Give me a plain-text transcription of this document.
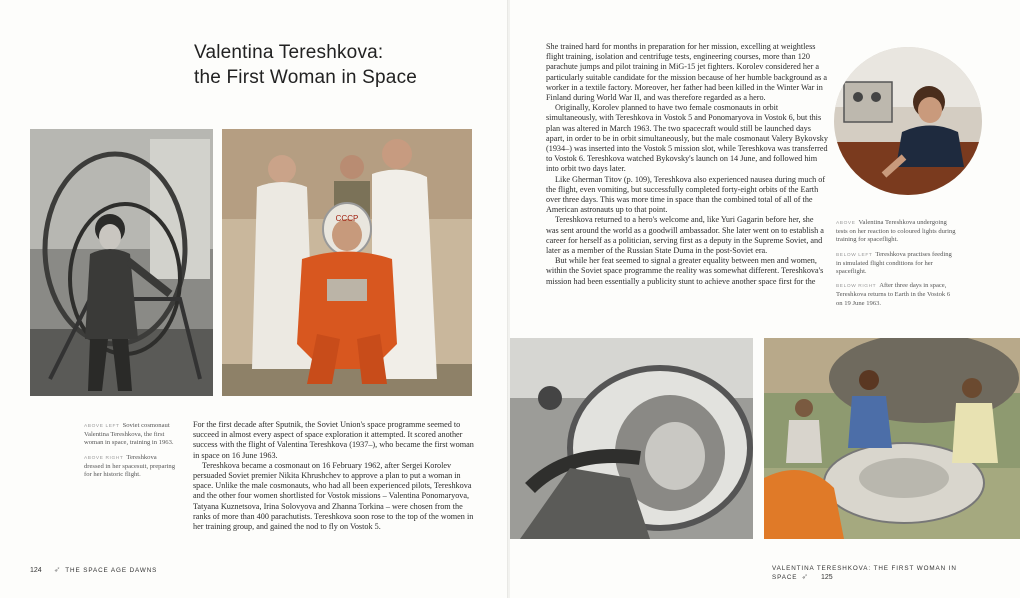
Valentina Tereshkova:
the First Woman in Space
СССР
ABOVE LEFT Soviet cosmonaut Valentina Tereshkova, the first woman in space, training in 1963.
ABOVE RIGHT Tereshkova dressed in her spacesuit, preparing for her historic flight.

For the first decade after Sputnik, the Soviet Union's space programme seemed to succeed in almost every aspect of space exploration it attempted. It scored another success with the flight of Valentina Tereshkova (1937–), who became the first woman in space on 16 June 1963.

Tereshkova became a cosmonaut on 16 February 1962, after Sergei Korolev persuaded Soviet premier Nikita Khrushchev to approve a plan to put a woman in space. Unlike the male cosmonauts, who had all been experienced pilots, Tereshkova and the other four women shortlisted for Vostok missions – Valentina Ponomaryova, Tatyana Kuznetsova, Irina Solovyova and Zhanna Torkina – were chosen from the ranks of more than 400 parachutists. Tereshkova soon rose to the top of the women in her training group, and gained the nod to fly on Vostok 5.

124 ➶ THE SPACE AGE DAWNS

She trained hard for months in preparation for her mission, excelling at weightless flight training, isolation and centrifuge tests, engineering courses, more than 120 parachute jumps and pilot training in MiG-15 jet fighters. Korolev considered her a particularly suitable candidate for the mission because of her humble background as a worker in a textile factory. Moreover, her father had been killed in the Winter War in Finland during World War II, and was therefore regarded as a hero.

Originally, Korolev planned to have two female cosmonauts in orbit simultaneously, with Tereshkova in Vostok 5 and Ponomaryova in Vostok 6, but this plan was altered in March 1963. The two spacecraft would still be launched days apart, in order to be in orbit simultaneously, but the male cosmonaut Valery Bykovsky (1934–) was inserted into the Vostok 5 mission slot, while Tereshkova was transferred to Vostok 6. Tereshkova watched Bykovsky's launch on 14 June, and followed him into orbit two days later.

Like Gherman Titov (p. 109), Tereshkova also experienced nausea during much of the flight, even vomiting, but successfully completed forty-eight orbits of the Earth over three days. This was more time in space than the combined total of all of the American astronauts up to that point.

Tereshkova returned to a hero's welcome and, like Yuri Gagarin before her, she was sent around the world as a goodwill ambassador. She later went on to establish a career for herself as a politician, serving first as a deputy in the Supreme Soviet, and later as a member of the Russian State Duma in the post-Soviet era.

But while her feat seemed to signal a greater equality between men and women, within the Soviet space programme the reality was somewhat different. Tereshkova's mission had been essentially a publicity stunt to achieve another space first for the

ABOVE Valentina Tereshkova undergoing tests on her reaction to coloured lights during training for spaceflight.
BELOW LEFT Tereshkova practises feeding in simulated flight conditions for her spaceflight.
BELOW RIGHT After three days in space, Tereshkova returns to Earth in the Vostok 6 on 19 June 1963.
VALENTINA TERESHKOVA: THE FIRST WOMAN IN SPACE ➶ 125
